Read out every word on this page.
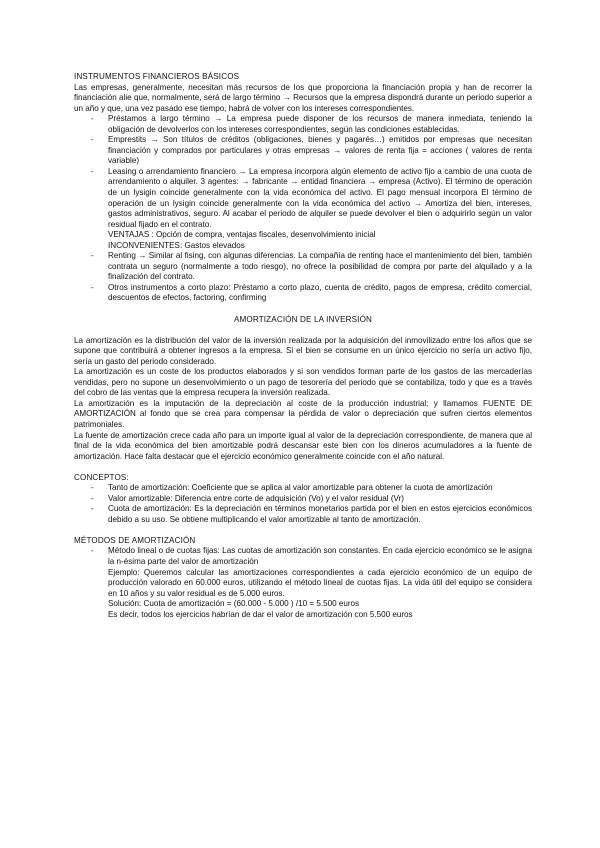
INSTRUMENTOS FINANCIEROS BÁSICOS

Las empresas, generalmente, necesitan más recursos de los que proporciona la financiación propia y han de recorrer la financiación alie que, normalmente, será de largo término → Recursos que la empresa dispondrá durante un periodo superior a un año y que, una vez pasado ese tiempo, habrá de volver con los intereses correspondientes.

- Préstamos a largo término → La empresa puede disponer de los recursos de manera inmediata, teniendo la obligación de devolverlos con los intereses correspondientes, según las condiciones establecidas.
- Emprestits → Son títulos de créditos (obligaciones, bienes y pagarés…) emitidos por empresas que necesitan financiación y comprados por particulares y otras empresas → valores de renta fija = acciones ( valores de renta variable)
- Leasing o arrendamiento financiero → La empresa incorpora algún elemento de activo fijo a cambio de una cuota de arrendamiento o alquiler. 3 agentes: → fabricante → entidad financiera → empresa (Activo). El término de operación de un lysigin coincide generalmente con la vida económica del activo. El pago mensual incorpora El término de operación de un lysigin coincide generalmente con la vida económica del activo → Amortiza del bien, intereses, gastos administrativos, seguro. Al acabar el periodo de alquiler se puede devolver el bien o adquirirlo según un valor residual fijado en el contrato.
VENTAJAS : Opción de compra, ventajas fiscales, desenvolvimiento inicial
INCONVENIENTES: Gastos elevados
- Renting → Similar al fising, con algunas diferencias. La compañía de renting hace el mantenimiento del bien, también contrata un seguro (normalmente a todo riesgo), no ofrece la posibilidad de compra por parte del alquilado y a la finalización del contrato.
- Otros instrumentos a corto plazo: Préstamo a corto plazo, cuenta de crédito, pagos de empresa, crédito comercial, descuentos de efectos, factoring, confirming
AMORTIZACIÓN DE LA INVERSIÓN

La amortización es la distribución del valor de la inversión realizada por la adquisición del inmovilizado entre los años que se supone que contribuirá a obtener ingresos a la empresa. Si el bien se consume en un único ejercicio no sería un activo fijo, sería un gasto del periodo considerado.

La amortización es un coste de los productos elaborados y si son vendidos forman parte de los gastos de las mercaderías vendidas, pero no supone un desenvolvimiento o un pago de tesorería del periodo que se contabiliza, todo y que es a través del cobro de las ventas que la empresa recupera la inversión realizada.

La amortización es la imputación de la depreciación al coste de la producción industrial; y llamamos FUENTE DE AMORTIZACIÓN al fondo que se crea para compensar la pérdida de valor o depreciación que sufren ciertos elementos patrimoniales.

La fuente de amortización crece cada año para un importe igual al valor de la depreciación correspondiente, de manera que al final de la vida económica del bien amortizable podrá descansar este bien con los dineros acumuladores a la fuente de amortización. Hace falta destacar que el ejercicio económico generalmente coincide con el año natural.

CONCEPTOS:
- Tanto de amortización: Coeficiente que se aplica al valor amortizable para obtener la cuota de amortización
- Valor amortizable: Diferencia entre corte de adquisición (Vo) y el valor residual (Vr)
- Cuota de amortización: Es la depreciación en términos monetarios partida por el bien en estos ejercicios económicos debido a su uso. Se obtiene multiplicando el valor amortizable al tanto de amortización.
MÉTODOS DE AMORTIZACIÓN
- Método lineal o de cuotas fijas: Las cuotas de amortización son constantes. En cada ejercicio económico se le asigna la n-ésima parte del valor de amortización
Ejemplo: Queremos calcular las amortizaciones correspondientes a cada ejercicio económico de un equipo de producción valorado en 60.000 euros, utilizando el método lineal de cuotas fijas. La vida útil del equipo se considera en 10 años y su valor residual es de 5.000 euros.
Solución: Cuota de amortización = (60.000 - 5.000 ) /10 = 5.500 euros
Es decir, todos los ejercicios habrían de dar el valor de amortización con 5.500 euros
